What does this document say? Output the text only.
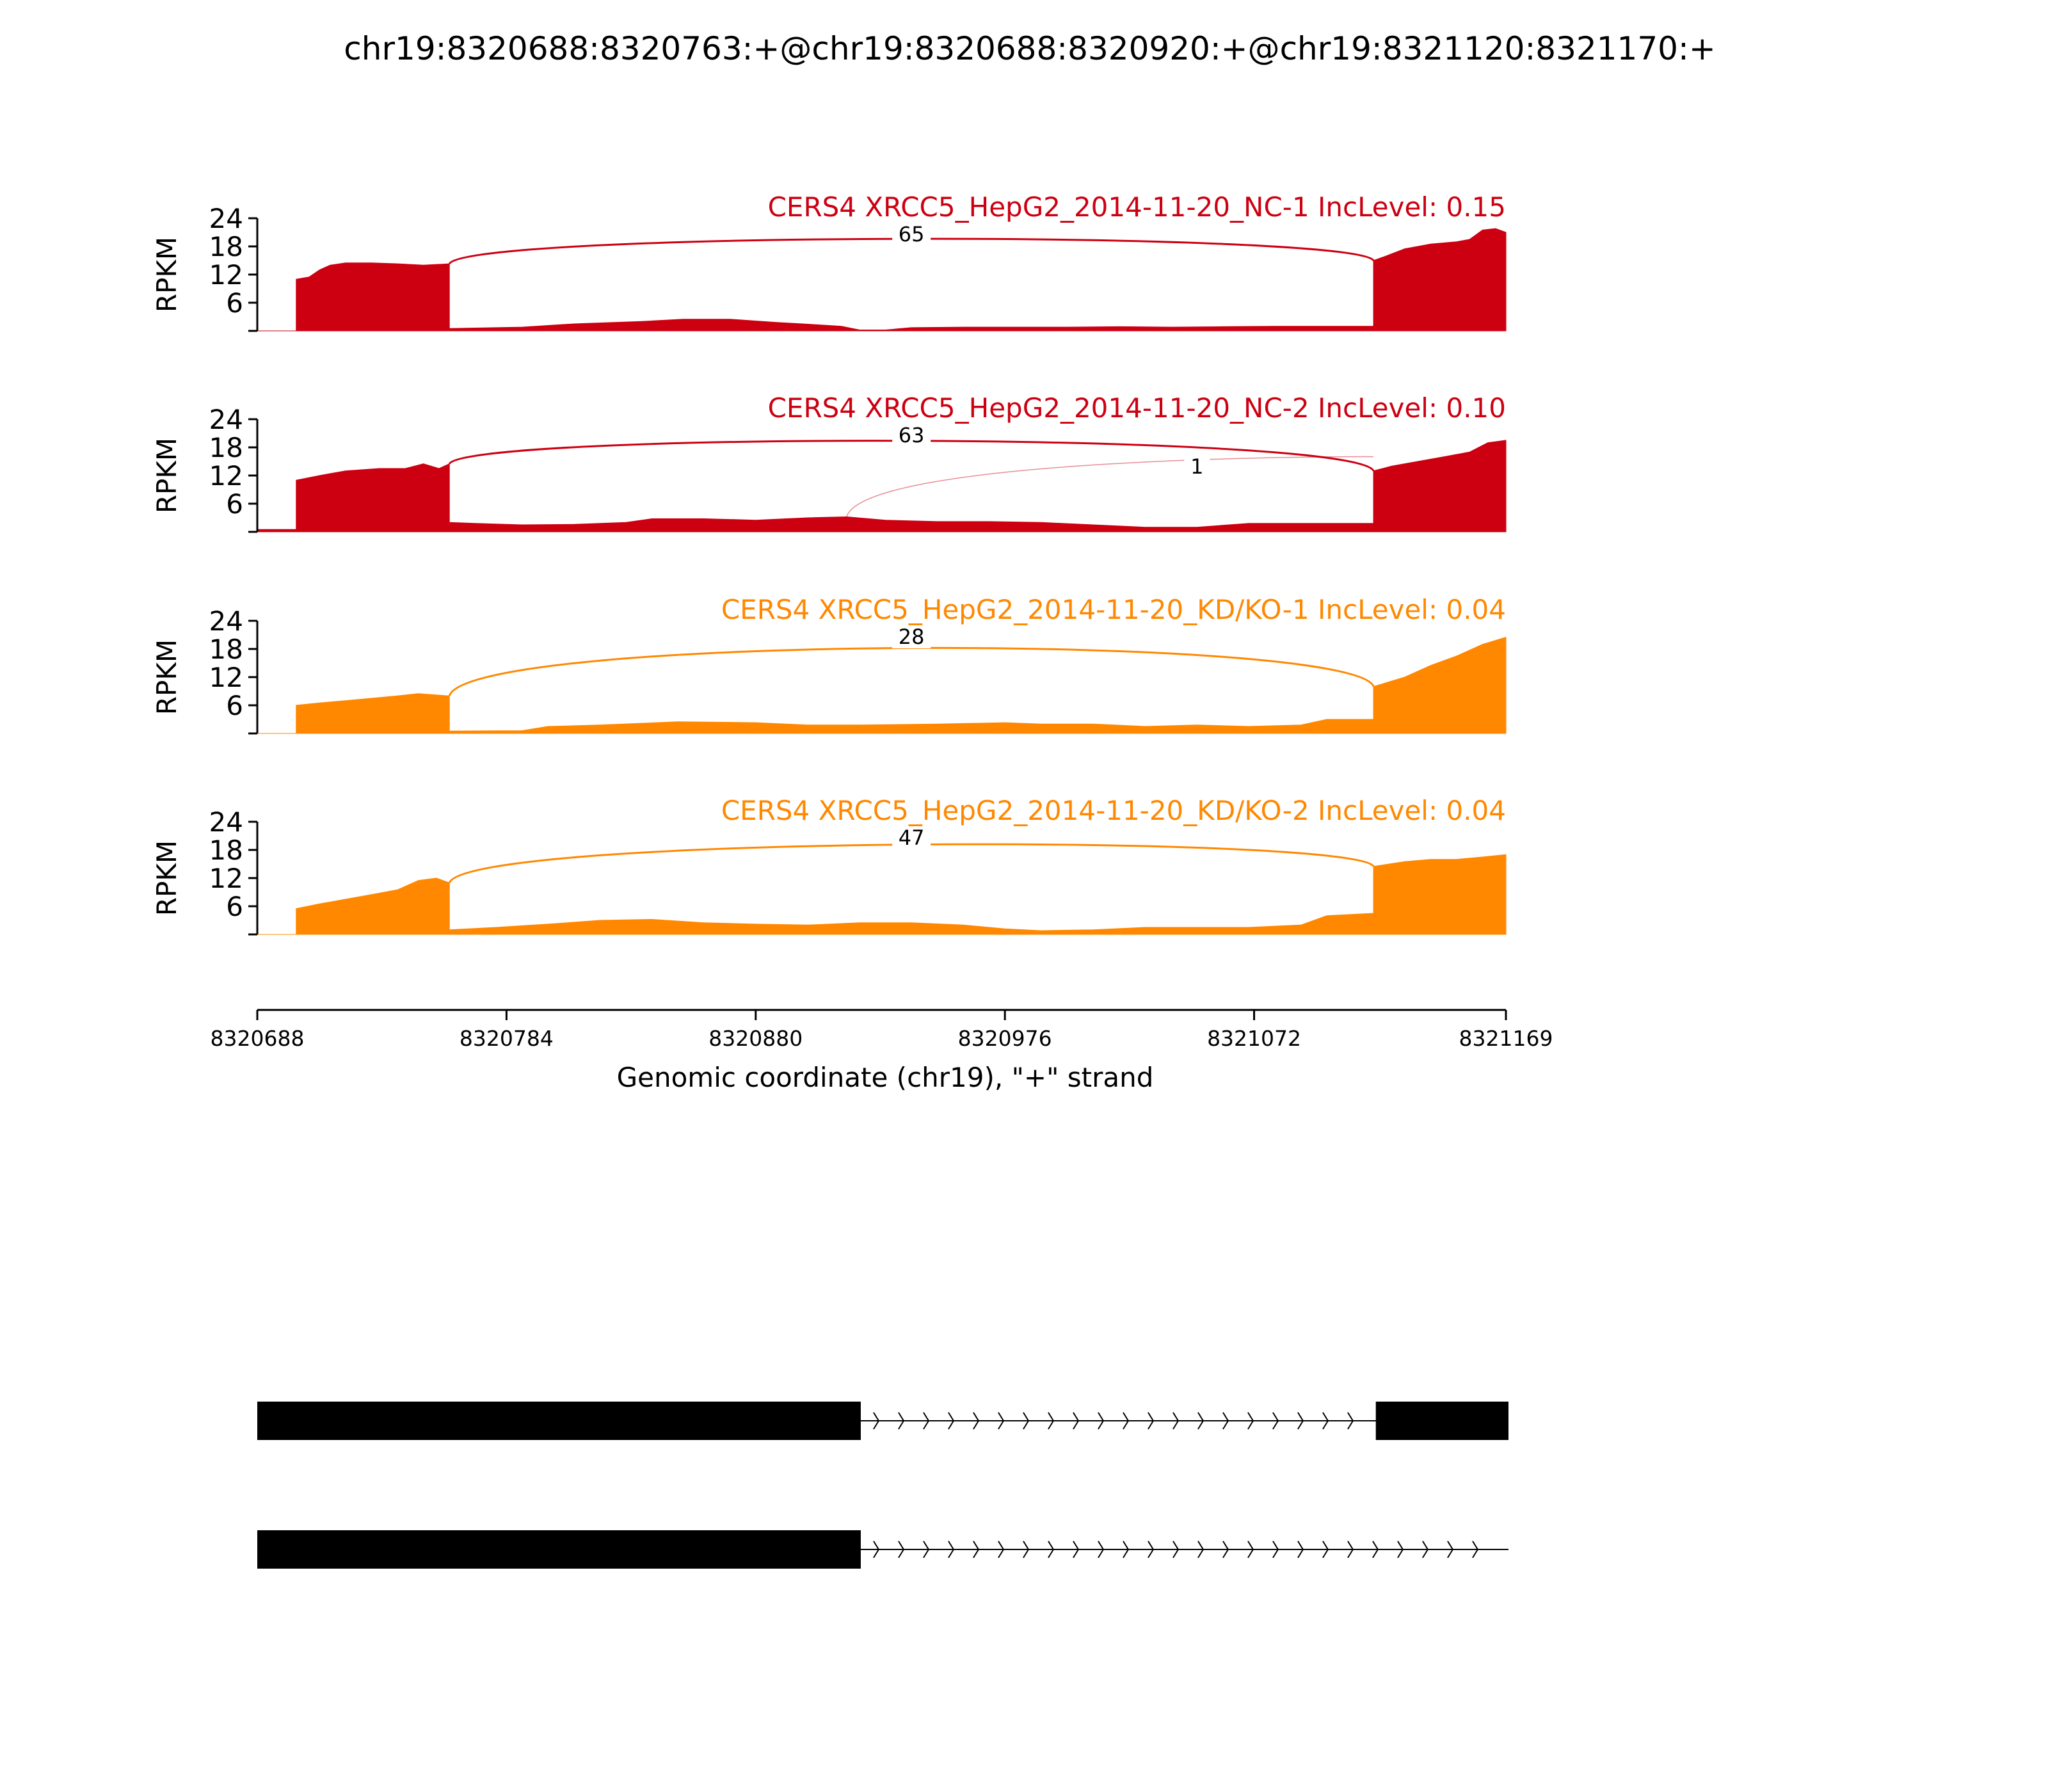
chr19:8320688:8320763:+@chr19:8320688:8320920:+@chr19:8321120:8321170:+
6
12
18
24
RPKM
CERS4 XRCC5_HepG2_2014-11-20_NC-1 IncLevel: 0.15
65
6
12
18
24
RPKM
CERS4 XRCC5_HepG2_2014-11-20_NC-2 IncLevel: 0.10
63
1
6
12
18
24
RPKM
CERS4 XRCC5_HepG2_2014-11-20_KD/KO-1 IncLevel: 0.04
28
6
12
18
24
RPKM
CERS4 XRCC5_HepG2_2014-11-20_KD/KO-2 IncLevel: 0.04
47
8320688	8320784	8320880	8320976	8321072	8321169
Genomic coordinate (chr19), "+" strand
